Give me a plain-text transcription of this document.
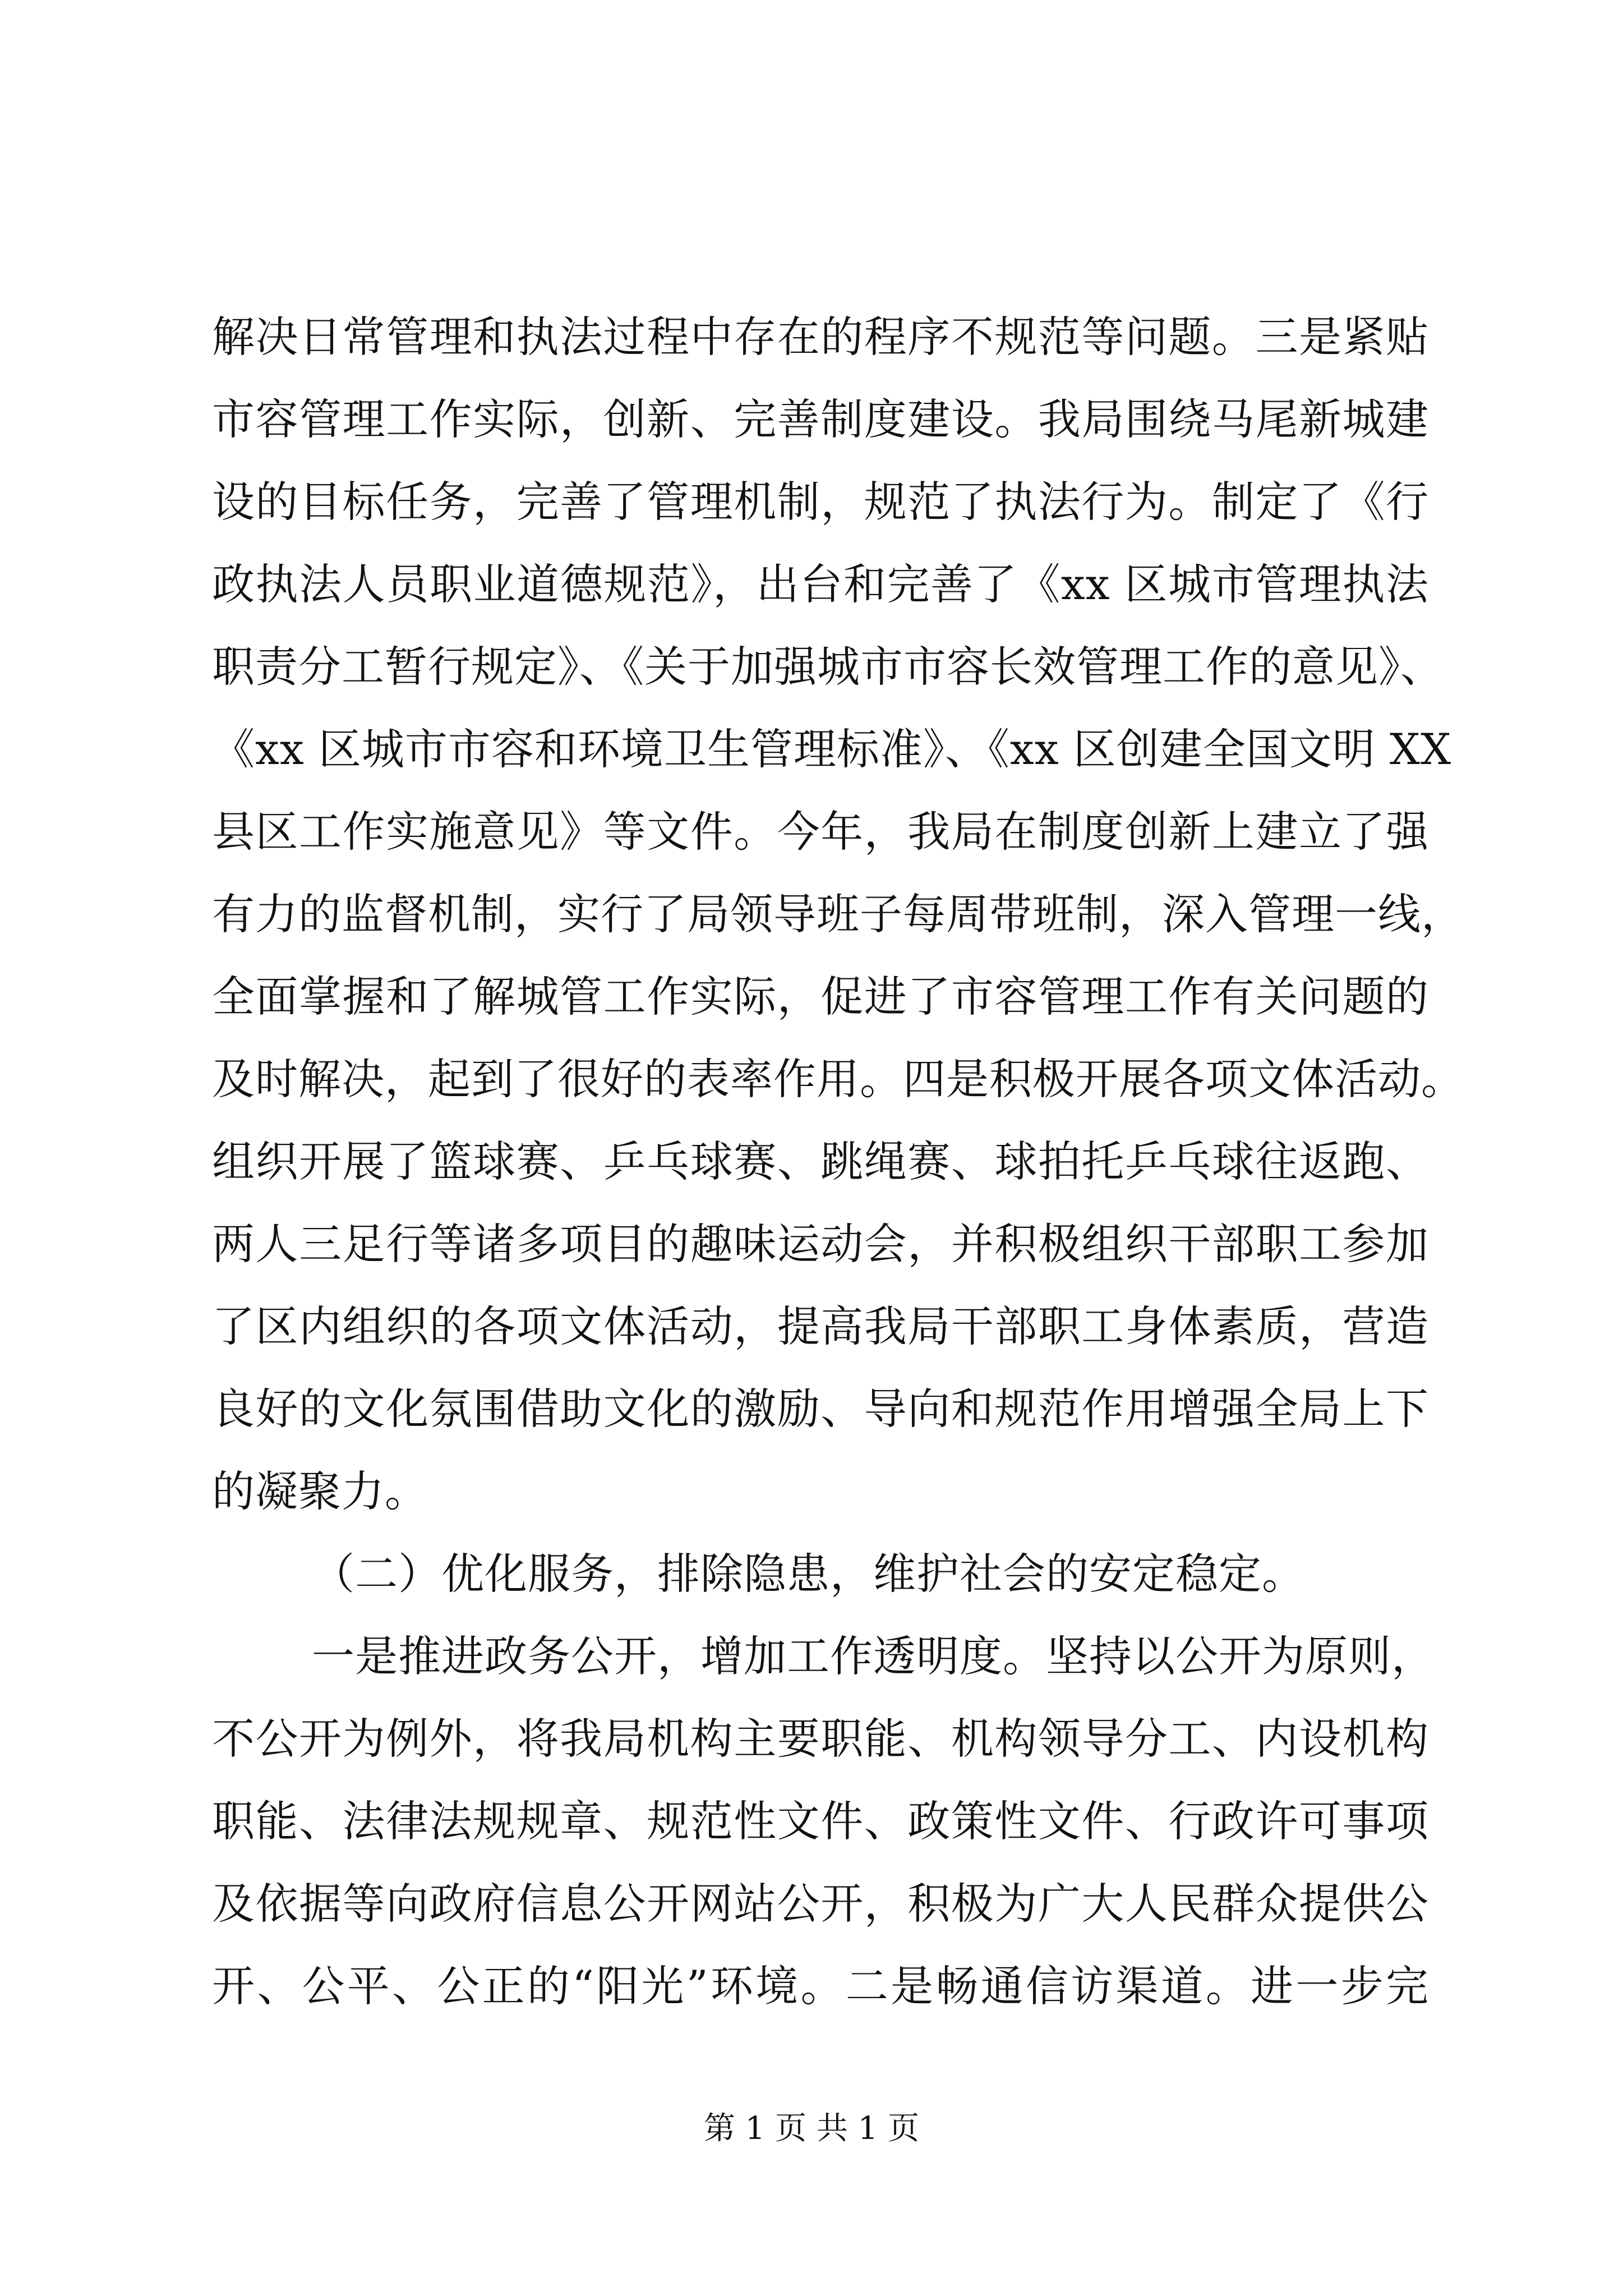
解决日常管理和执法过程中存在的程序不规范等问题。三是紧贴
市容管理工作实际，创新、完善制度建设。我局围绕马尾新城建
设的目标任务，完善了管理机制，规范了执法行为。制定了《行
政执法人员职业道德规范》，出台和完善了《xx 区城市管理执法
职责分工暂行规定》、《关于加强城市市容长效管理工作的意见》、
《xx 区城市市容和环境卫生管理标准》、《xx 区创建全国文明 XX
县区工作实施意见》等文件。今年，我局在制度创新上建立了强
有力的监督机制，实行了局领导班子每周带班制，深入管理一线，
全面掌握和了解城管工作实际，促进了市容管理工作有关问题的
及时解决，起到了很好的表率作用。四是积极开展各项文体活动。
组织开展了篮球赛、乒乓球赛、跳绳赛、球拍托乒乓球往返跑、
两人三足行等诸多项目的趣味运动会，并积极组织干部职工参加
了区内组织的各项文体活动，提高我局干部职工身体素质，营造
良好的文化氛围借助文化的激励、导向和规范作用增强全局上下
的凝聚力。
（二）优化服务，排除隐患，维护社会的安定稳定。
一是推进政务公开，增加工作透明度。坚持以公开为原则，
不公开为例外，将我局机构主要职能、机构领导分工、内设机构
职能、法律法规规章、规范性文件、政策性文件、行政许可事项
及依据等向政府信息公开网站公开，积极为广大人民群众提供公
开、公平、公正的“阳光”环境。二是畅通信访渠道。进一步完
第 1 页 共 1 页
